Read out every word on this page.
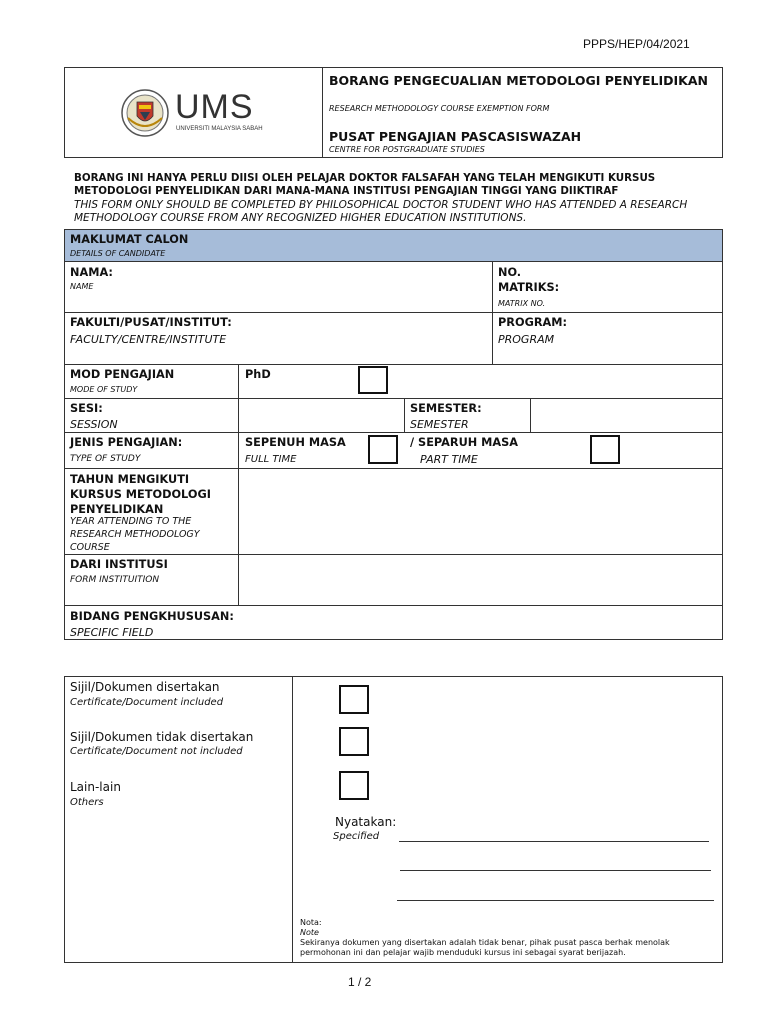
PPPS/HEP/04/2021
UMS
UNIVERSITI MALAYSIA SABAH
BORANG PENGECUALIAN METODOLOGI PENYELIDIKAN
RESEARCH METHODOLOGY COURSE EXEMPTION FORM
PUSAT PENGAJIAN PASCASISWAZAH
CENTRE FOR POSTGRADUATE STUDIES
BORANG INI HANYA PERLU DIISI OLEH PELAJAR DOKTOR FALSAFAH YANG TELAH MENGIKUTI KURSUS METODOLOGI PENYELIDIKAN DARI MANA-MANA INSTITUSI PENGAJIAN TINGGI YANG DIIKTIRAF
THIS FORM ONLY SHOULD BE COMPLETED BY PHILOSOPHICAL DOCTOR STUDENT WHO HAS ATTENDED A RESEARCH METHODOLOGY COURSE FROM ANY RECOGNIZED HIGHER EDUCATION INSTITUTIONS.
MAKLUMAT CALON
DETAILS OF CANDIDATE
NAMA:
NAME
NO.
MATRIKS:
MATRIX NO.
FAKULTI/PUSAT/INSTITUT:
FACULTY/CENTRE/INSTITUTE
PROGRAM:
PROGRAM
MOD PENGAJIAN
MODE OF STUDY
PhD
SESI:
SESSION
SEMESTER:
SEMESTER
JENIS PENGAJIAN:
TYPE OF STUDY
SEPENUH MASA
FULL TIME
/ SEPARUH MASA
PART TIME
TAHUN MENGIKUTI
KURSUS METODOLOGI
PENYELIDIKAN
YEAR ATTENDING TO THE
RESEARCH METHODOLOGY
COURSE
DARI INSTITUSI
FORM INSTITUITION
BIDANG PENGKHUSUSAN:
SPECIFIC FIELD
Sijil/Dokumen disertakan
Certificate/Document included
Sijil/Dokumen tidak disertakan
Certificate/Document not included
Lain-lain
Others
Nyatakan:
Specified
Nota:
Note
Sekiranya dokumen yang disertakan adalah tidak benar, pihak pusat pasca berhak menolak permohonan ini dan pelajar wajib menduduki kursus ini sebagai syarat berijazah.
1 / 2
